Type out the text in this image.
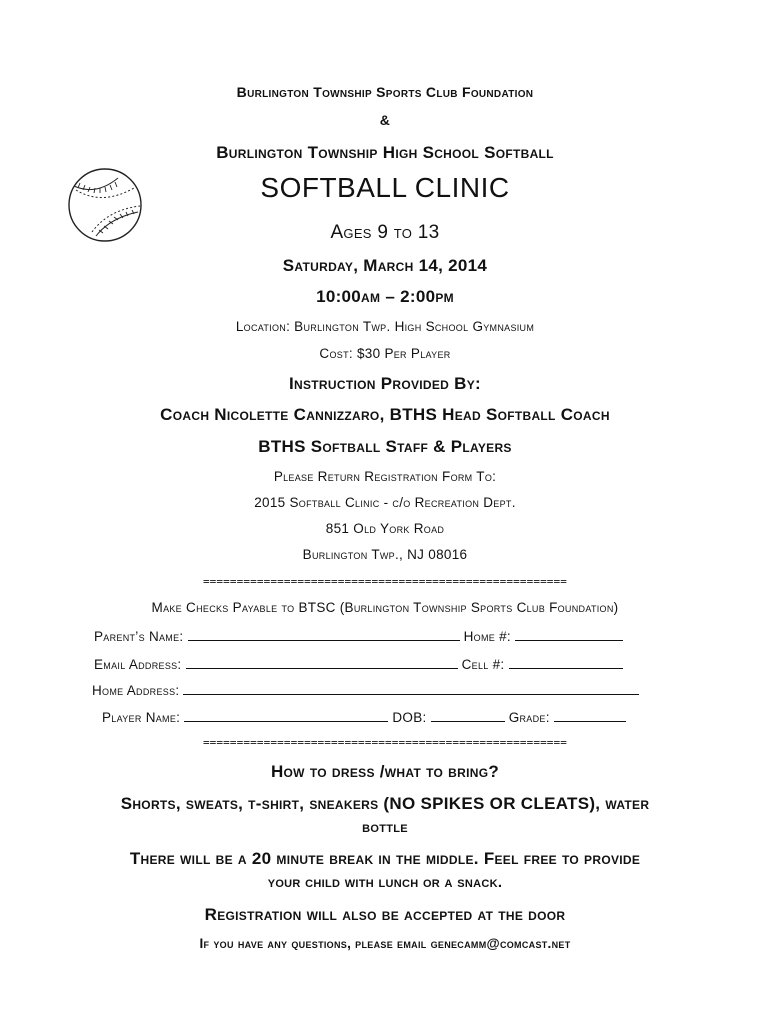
Burlington Township Sports Club Foundation
&
Burlington Township High School Softball
SOFTBALL CLINIC
Ages 9 to 13
Saturday, March 14, 2014
10:00am – 2:00pm
Location: Burlington Twp. High School Gymnasium
Cost: $30 Per Player
Instruction Provided By:
Coach Nicolette Cannizzaro, BTHS Head Softball Coach
BTHS Softball Staff & Players
Please Return Registration Form To:
2015 Softball Clinic - c/o Recreation Dept.
851 Old York Road
Burlington Twp., NJ 08016
======================================================
Make Checks Payable to BTSC (Burlington Township Sports Club Foundation)
Parent’s Name:	Home #:
Email Address:	Cell #:
Home Address:
Player Name:	DOB:	Grade:
======================================================
How to dress /what to bring?
Shorts, sweats, t-shirt, sneakers (NO SPIKES OR CLEATS), water
bottle
There will be a 20 minute break in the middle. Feel free to provide
your child with lunch or a snack.
Registration will also be accepted at the door
If you have any questions, please email genecamm@comcast.net
